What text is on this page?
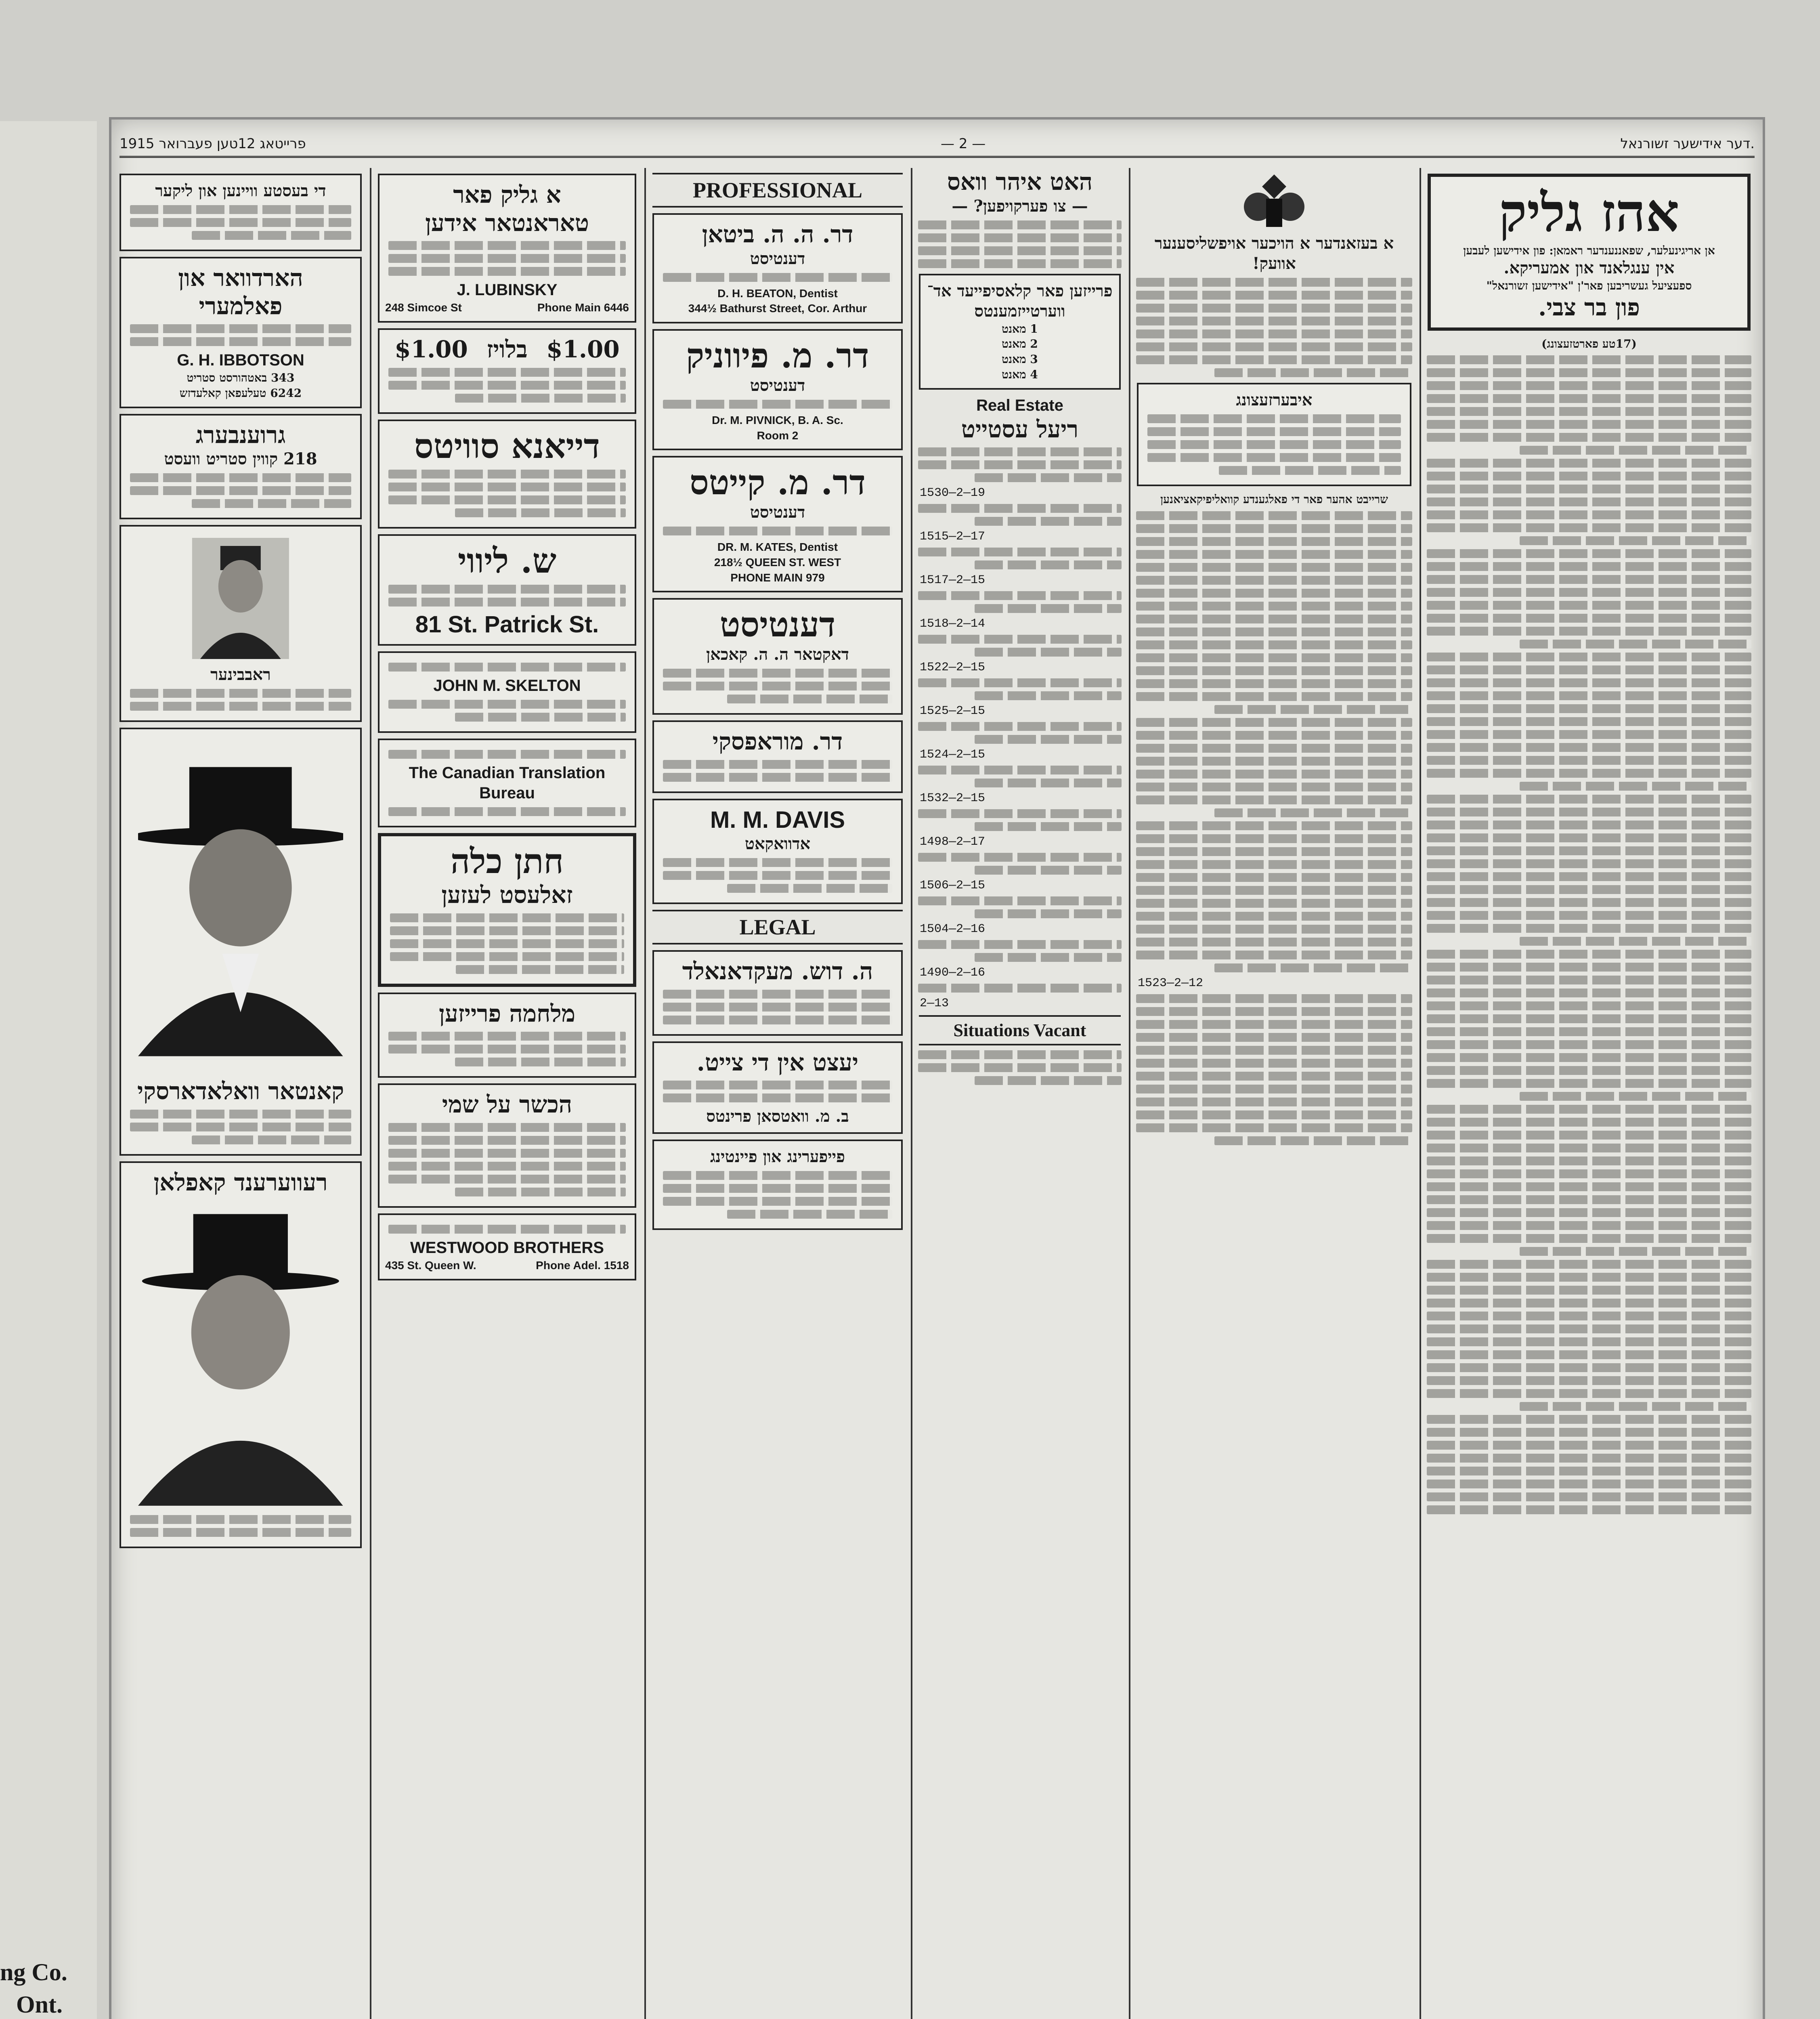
1915 פרייטאג 12טען פעברואר	— 2 —	דער אידישער זשורנאל.
די בעסטע וויינען און ליקער
הארדוואר און
פאלמערי
G. H. IBBOTSON
343 באטהורסט סטריט
6242 טעלעפאן קאלעדזש
גרוענבערג
218 קווין סטריט וועסט
ראבבינער
קאנטאר וואלאדארסקי
רעווערענד קאפלאן
א גליק פאר
טאראנטאר אידען
J. LUBINSKY
248 Simcoe St	Phone Main 6446
$1.00
בלויז
$1.00
דייאנא סוויטס
ש. ליווי
81 St. Patrick St.
JOHN M. SKELTON
The Canadian Translation Bureau
חתן כלה
זאלעסט לעזען
מלחמה פרייזען
הכשר על שמי
WESTWOOD BROTHERS
435 St. Queen W.	Phone Adel. 1518
PROFESSIONAL
דר. ה. ה. ביטאן
דענטיסט
D. H. BEATON, Dentist
344½ Bathurst Street, Cor. Arthur
דר. מ. פיווניק
דענטיסט
Dr. M. PIVNICK, B. A. Sc.
Room 2
דר. מ. קייטס
דענטיסט
DR. M. KATES, Dentist
218½ QUEEN ST. WEST
PHONE MAIN 979
דענטיסט
דאקטאר ה. ה. קאכאן
דר. מוראפסקי
M. M. DAVIS
אדוואקאט
LEGAL
ה. דוש. מעקדאנאלד
יעצט אין די צייט.
ב. מ. וואטסאן פרינטס
פייפערינג און פיינטינג
האט איהר וואס
— צו פערקויפען? —
פרייזען פאר קלאסיפייעד אד־
ווערטייזמענטס
1 מאנט
2 מאנט
3 מאנט
4 מאנט
Real Estate
ריעל עסטייט
1530—2—19
1515—2—17
1517—2—15
1518—2—14
1522—2—15
1525—2—15
1524—2—15
1532—2—15
1498—2—17
1506—2—15
1504—2—16
1490—2—16
2—13
Situations Vacant
א בעזאנדער א הויכער אויפשליסענער אוועק!
איבערזעצונג
שרייבט אהער פאר די פאלגענדע קוואליפיקאציאנען
1523—2—12
אהז גליק
אן אריגינעלער, שפאננענדער ראמאן: פון אידישען לעבען
אין ענגלאנד און אמעריקא.
ספעציעל געשריבען פאר'ן "אידישען זשורנאל"
פון בר צבי.
(17טע פארטזעצונג)
ng Co.
Ont.
